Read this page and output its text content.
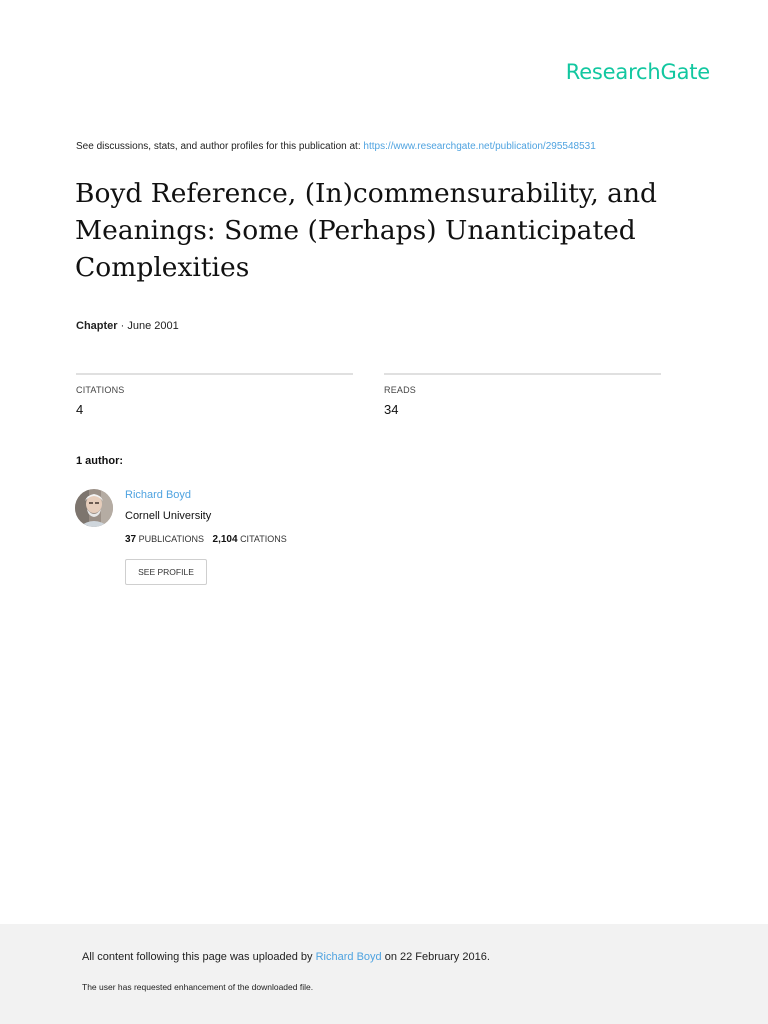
ResearchGate
See discussions, stats, and author profiles for this publication at: https://www.researchgate.net/publication/295548531
Boyd Reference, (In)commensurability, and Meanings: Some (Perhaps) Unanticipated Complexities
Chapter · June 2001
CITATIONS
4
READS
34
1 author:
Richard Boyd
Cornell University
37 PUBLICATIONS 2,104 CITATIONS
SEE PROFILE
All content following this page was uploaded by Richard Boyd on 22 February 2016.
The user has requested enhancement of the downloaded file.
